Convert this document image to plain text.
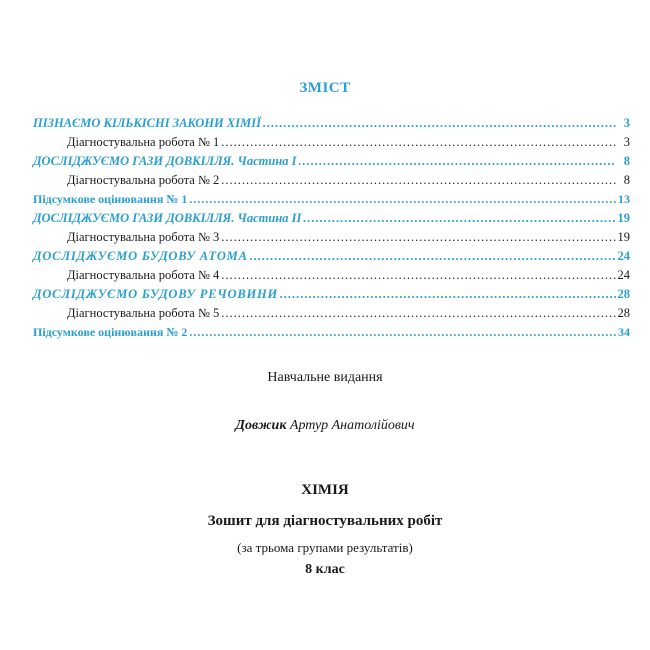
ЗМІСТ
ПІЗНАЄМО КІЛЬКІСНІ ЗАКОНИ ХІМІЇ .....	3
Діагностувальна робота № 1 .....	3
ДОСЛІДЖУЄМО ГАЗИ ДОВКІЛЛЯ. Частина І .....	8
Діагностувальна робота № 2 .....	8
Підсумкове оцінювання № 1 .....	13
ДОСЛІДЖУЄМО ГАЗИ ДОВКІЛЛЯ. Частина ІІ .....	19
Діагностувальна робота № 3 .....	19
ДОСЛІДЖУЄМО БУДОВУ АТОМА .....	24
Діагностувальна робота № 4 .....	24
ДОСЛІДЖУЄМО БУДОВУ РЕЧОВИНИ .....	28
Діагностувальна робота № 5 .....	28
Підсумкове оцінювання № 2 .....	34
Навчальне видання
Довжик Артур Анатолійович
ХІМІЯ
Зошит для діагностувальних робіт
(за трьома групами результатів)
8 клас
